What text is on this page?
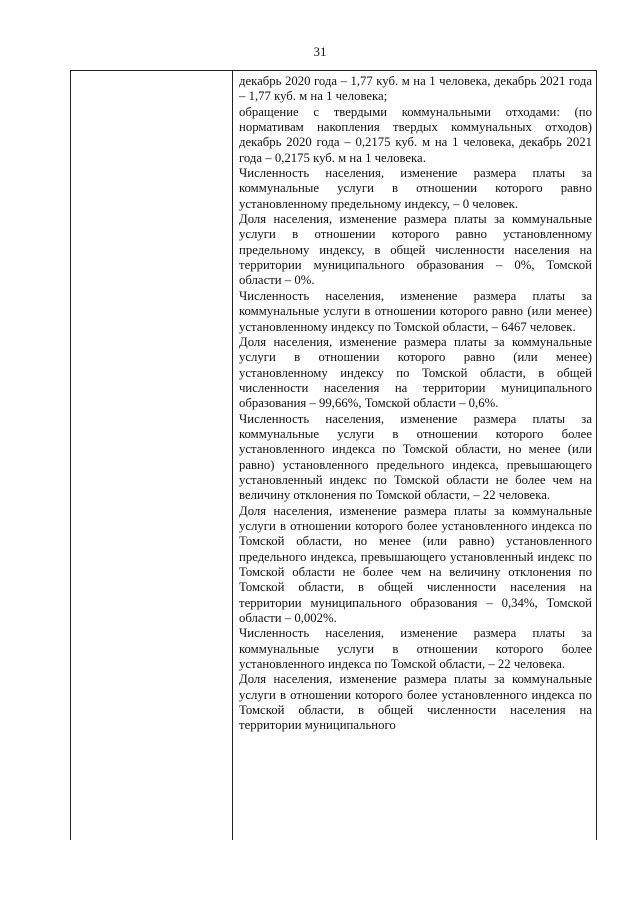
31

декабрь 2020 года – 1,77 куб. м на 1 человека, декабрь 2021 года – 1,77 куб. м на 1 человека;

обращение с твердыми коммунальными отходами: (по нормативам накопления твердых коммунальных отходов) декабрь 2020 года – 0,2175 куб. м на 1 человека, декабрь 2021 года – 0,2175 куб. м на 1 человека.

Численность населения, изменение размера платы за коммунальные услуги в отношении которого равно установленному предельному индексу, – 0 человек.

Доля населения, изменение размера платы за коммунальные услуги в отношении которого равно установленному предельному индексу, в общей численности населения на территории муниципального образования – 0%, Томской области – 0%.

Численность населения, изменение размера платы за коммунальные услуги в отношении которого равно (или менее) установленному индексу по Томской области, – 6467 человек.

Доля населения, изменение размера платы за коммунальные услуги в отношении которого равно (или менее) установленному индексу по Томской области, в общей численности населения на территории муниципального образования – 99,66%, Томской области – 0,6%.

Численность населения, изменение размера платы за коммунальные услуги в отношении которого более установленного индекса по Томской области, но менее (или равно) установленного предельного индекса, превышающего установленный индекс по Томской области не более чем на величину отклонения по Томской области, – 22 человека.

Доля населения, изменение размера платы за коммунальные услуги в отношении которого более установленного индекса по Томской области, но менее (или равно) установленного предельного индекса, превышающего установленный индекс по Томской области не более чем на величину отклонения по Томской области, в общей численности населения на территории муниципального образования – 0,34%, Томской области – 0,002%.

Численность населения, изменение размера платы за коммунальные услуги в отношении которого более установленного индекса по Томской области, – 22 человека.

Доля населения, изменение размера платы за коммунальные услуги в отношении которого более установленного индекса по Томской области, в общей численности населения на территории муниципального
